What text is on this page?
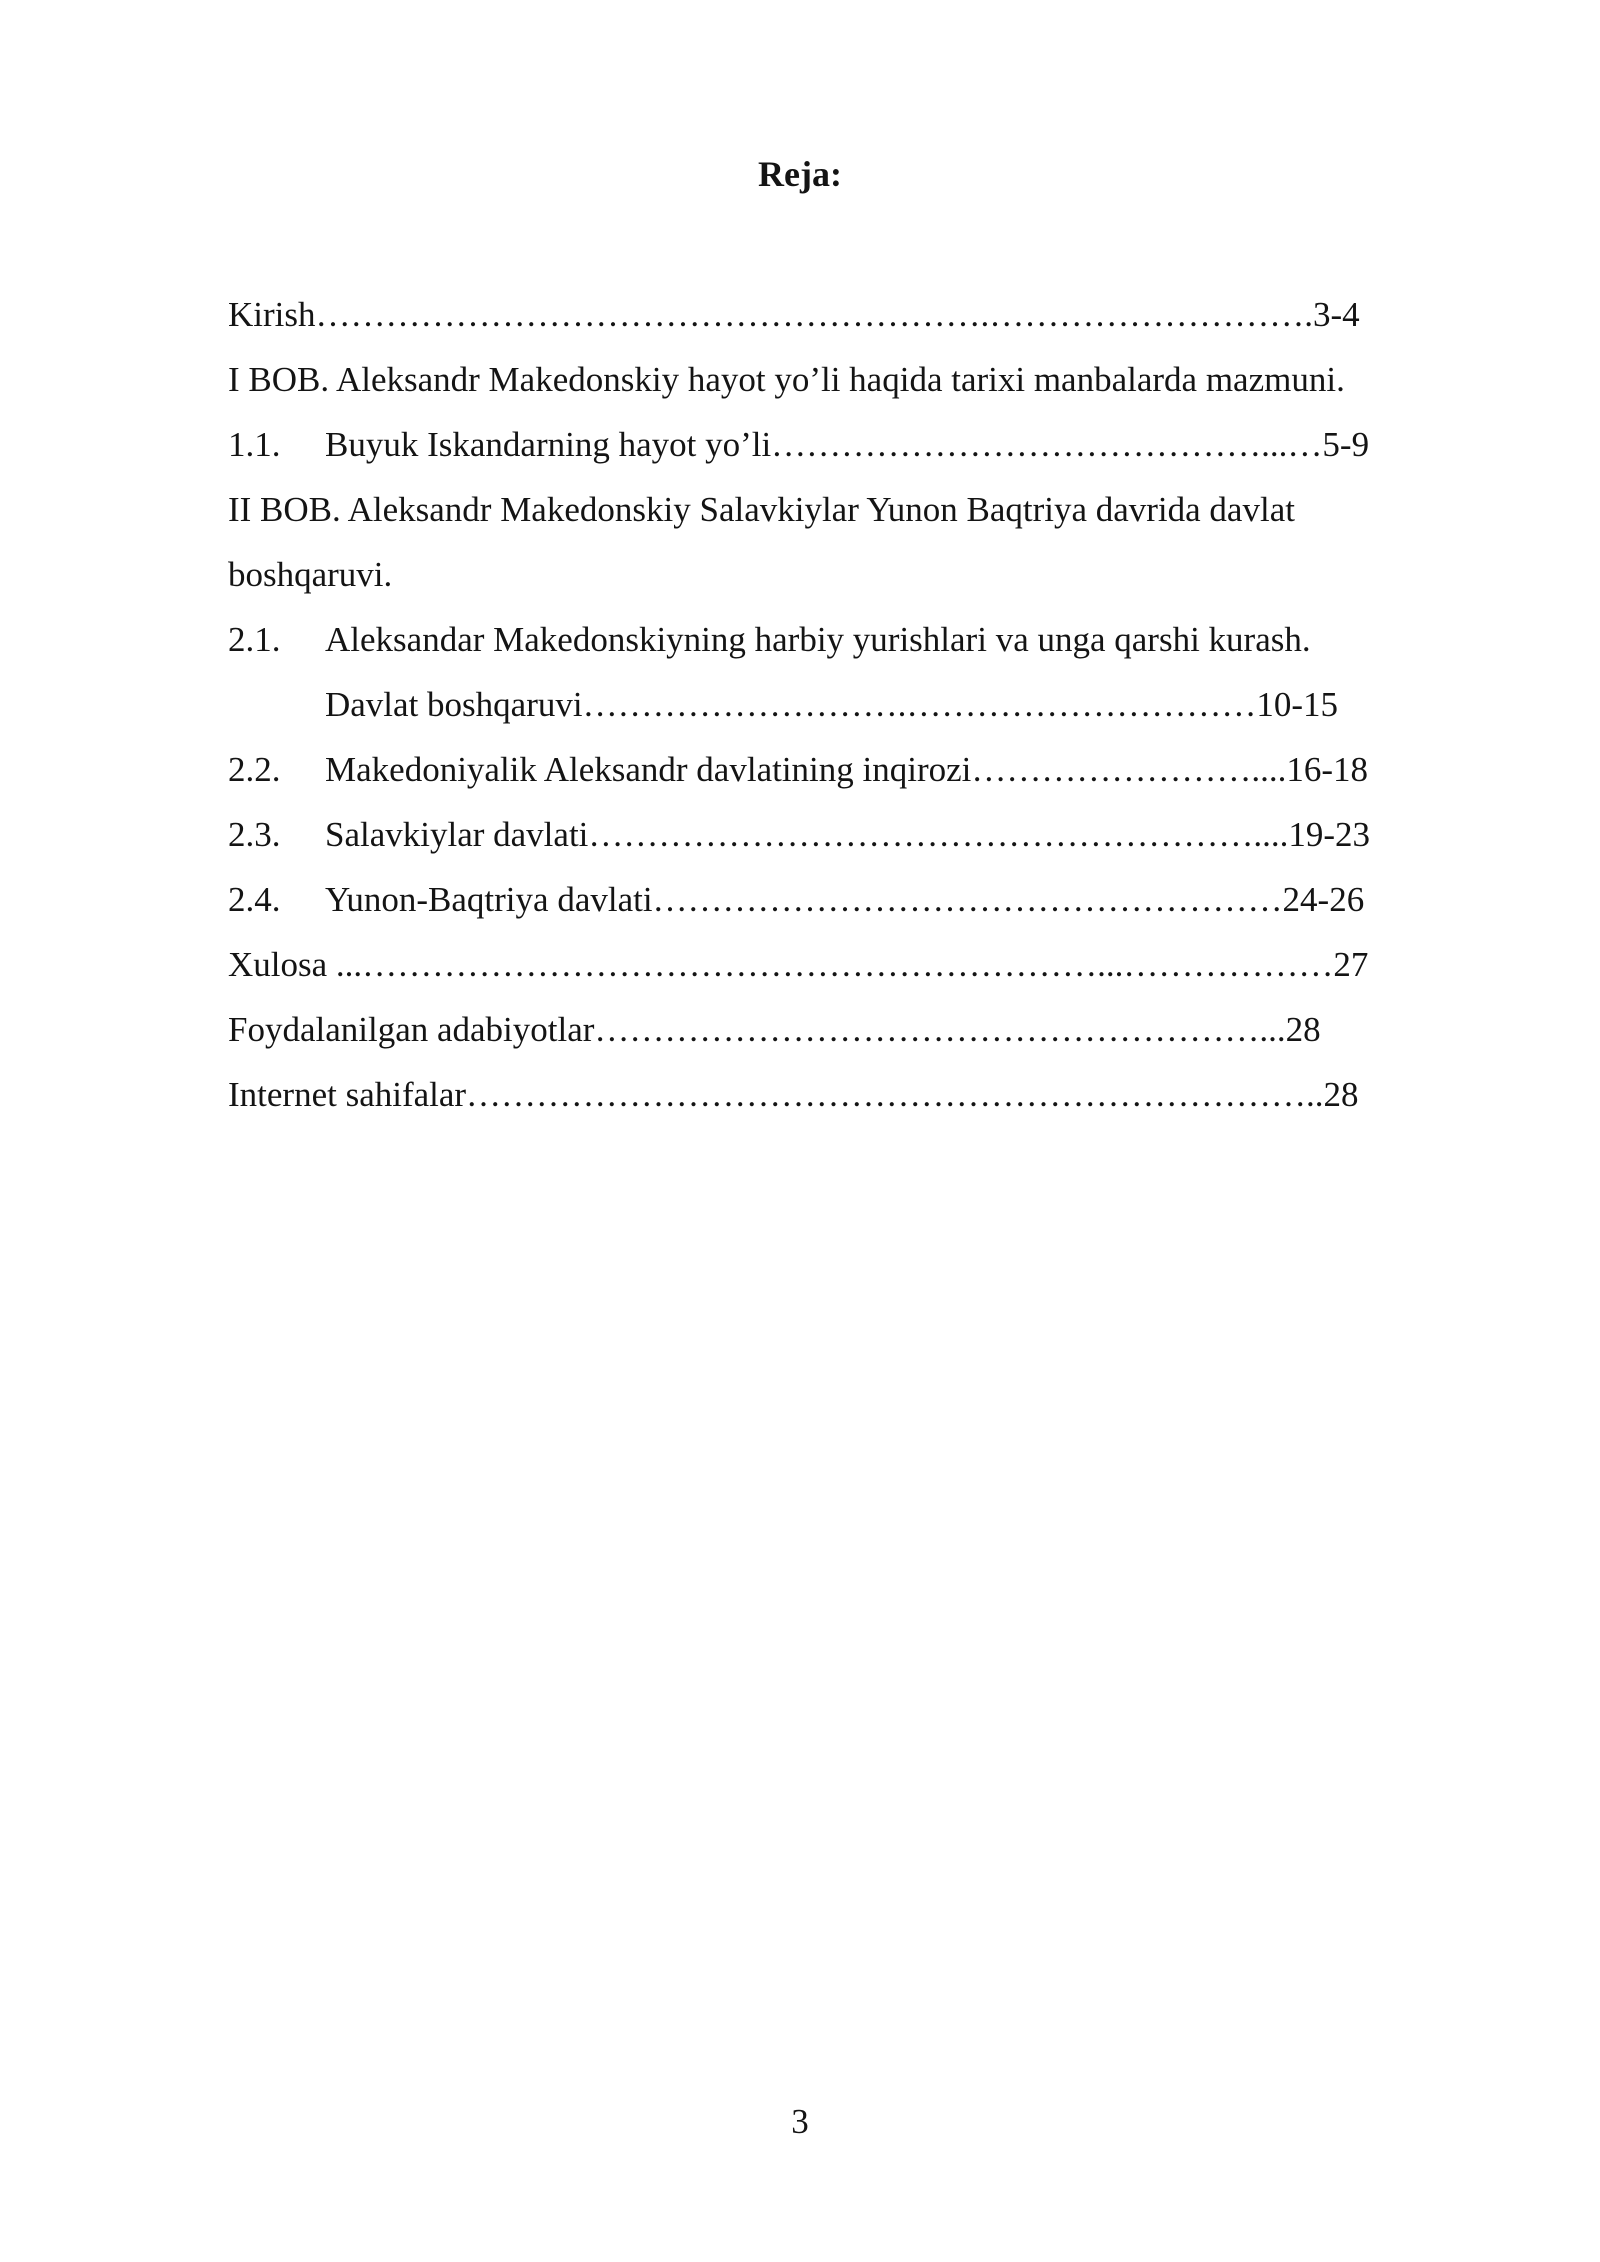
Reja:
Kirish………………………………………………….……………………….3-4
I BOB. Aleksandr Makedonskiy hayot yo’li haqida tarixi manbalarda mazmuni.
1.1. Buyuk Iskandarning hayot yo’li……………………………………...…5-9
II BOB. Aleksandr Makedonskiy Salavkiylar Yunon Baqtriya davrida davlat
boshqaruvi.
2.1. Aleksandar Makedonskiyning harbiy yurishlari va unga qarshi kurash.
Davlat boshqaruvi……………………….…………………………10-15
2.2. Makedoniyalik Aleksandr davlatining inqirozi……………………....16-18
2.3. Salavkiylar davlati…………………………………………………....19-23
2.4. Yunon-Baqtriya davlati………………………………………………24-26
Xulosa ...………………………………………………………...………………27
Foydalanilgan adabiyotlar…………………………………………………...28
Internet sahifalar………………………………………………………………..28
3
